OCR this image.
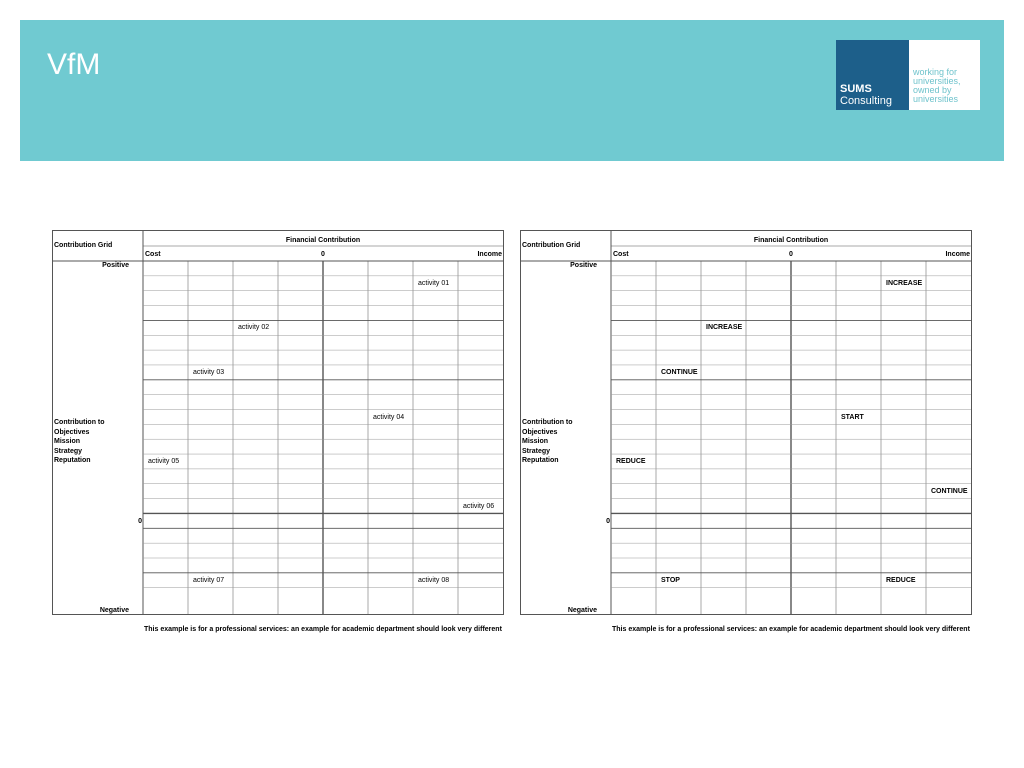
VfM
SUMS
Consulting
working for
universities,
owned by
universities
Contribution Grid
Financial Contribution
Cost	0	Income
Positive
Contribution to
Objectives
Mission
Strategy
Reputation
0
Negative
activity 01
activity 02
activity 03
activity 04
activity 05
activity 06
activity 07	activity 08
This example is for a professional services: an example for academic department should look very different
Contribution Grid
Financial Contribution
Cost	0	Income
Positive
Contribution to
Objectives
Mission
Strategy
Reputation
0
Negative
INCREASE
INCREASE
CONTINUE
START
REDUCE
CONTINUE
STOP	REDUCE
This example is for a professional services: an example for academic department should look very different
